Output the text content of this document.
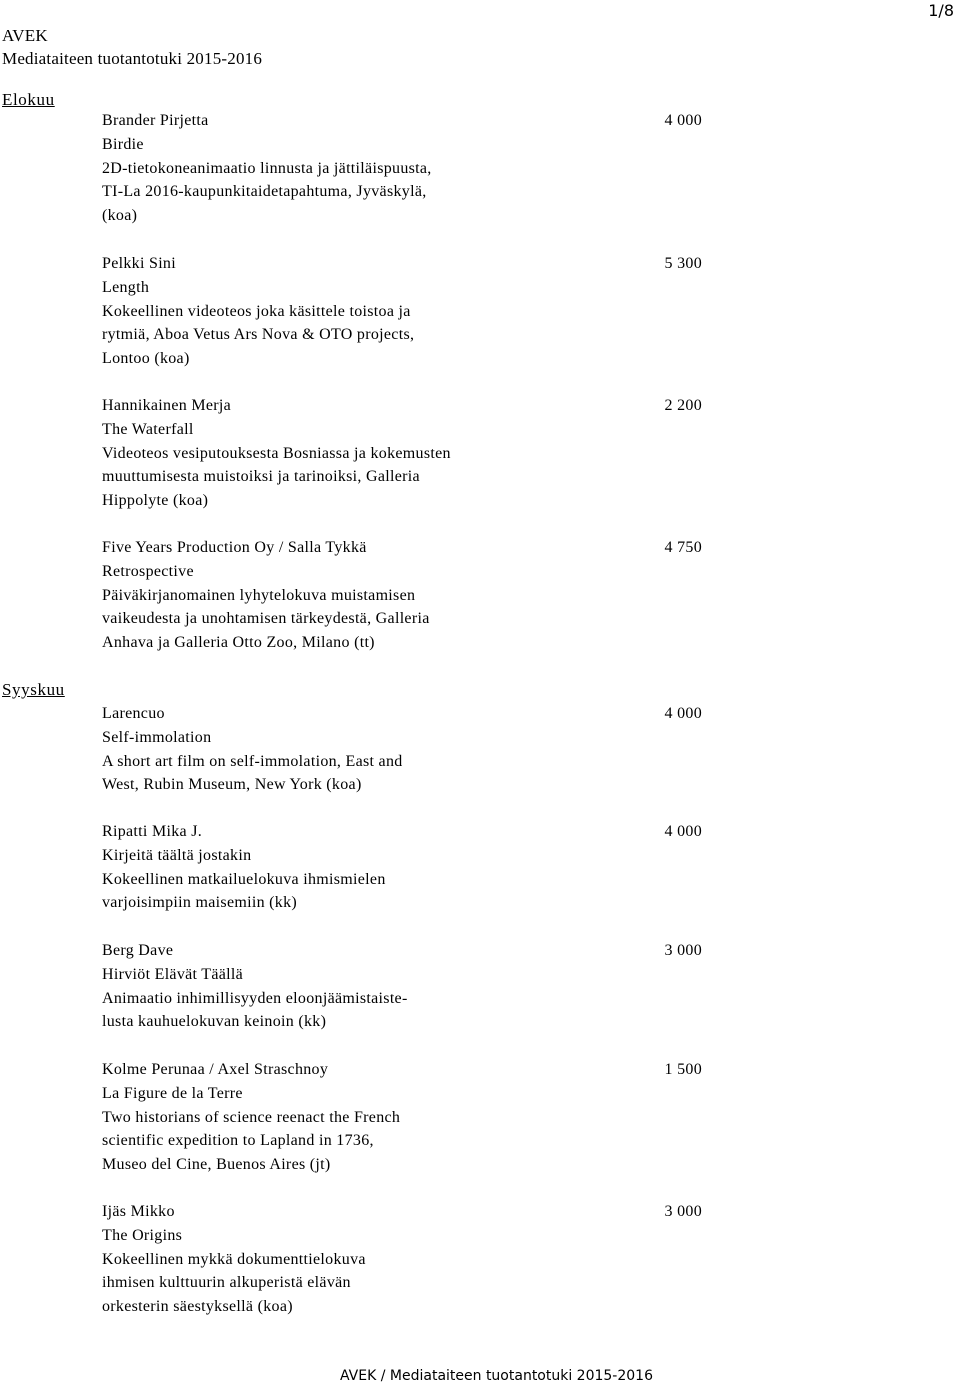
1/8
AVEK
Mediataiteen tuotantotuki 2015-2016
Elokuu
Brander Pirjetta	4 000
Birdie
2D-tietokoneanimaatio linnusta ja jättiläispuusta,
TI-La 2016-kaupunkitaidetapahtuma, Jyväskylä,
(koa)
Pelkki Sini	5 300
Length
Kokeellinen videoteos joka käsittele toistoa ja
rytmiä, Aboa Vetus Ars Nova & OTO projects,
Lontoo (koa)
Hannikainen Merja	2 200
The Waterfall
Videoteos vesiputouksesta Bosniassa ja kokemusten
muuttumisesta muistoiksi ja tarinoiksi, Galleria
Hippolyte (koa)
Five Years Production Oy / Salla Tykkä	4 750
Retrospective
Päiväkirjanomainen lyhytelokuva muistamisen
vaikeudesta ja unohtamisen tärkeydestä, Galleria
Anhava ja Galleria Otto Zoo, Milano (tt)
Syyskuu
Larencuo	4 000
Self-immolation
A short art film on self-immolation, East and
West, Rubin Museum, New York (koa)
Ripatti Mika J.	4 000
Kirjeitä täältä jostakin
Kokeellinen matkailuelokuva ihmismielen
varjoisimpiin maisemiin (kk)
Berg Dave	3 000
Hirviöt Elävät Täällä
Animaatio inhimillisyyden eloonjäämistaiste-
lusta kauhuelokuvan keinoin (kk)
Kolme Perunaa / Axel Straschnoy	1 500
La Figure de la Terre
Two historians of science reenact the French
scientific expedition to Lapland in 1736,
Museo del Cine, Buenos Aires (jt)
Ijäs Mikko	3 000
The Origins
Kokeellinen mykkä dokumenttielokuva
ihmisen kulttuurin alkuperistä elävän
orkesterin säestyksellä (koa)
AVEK / Mediataiteen tuotantotuki 2015-2016
